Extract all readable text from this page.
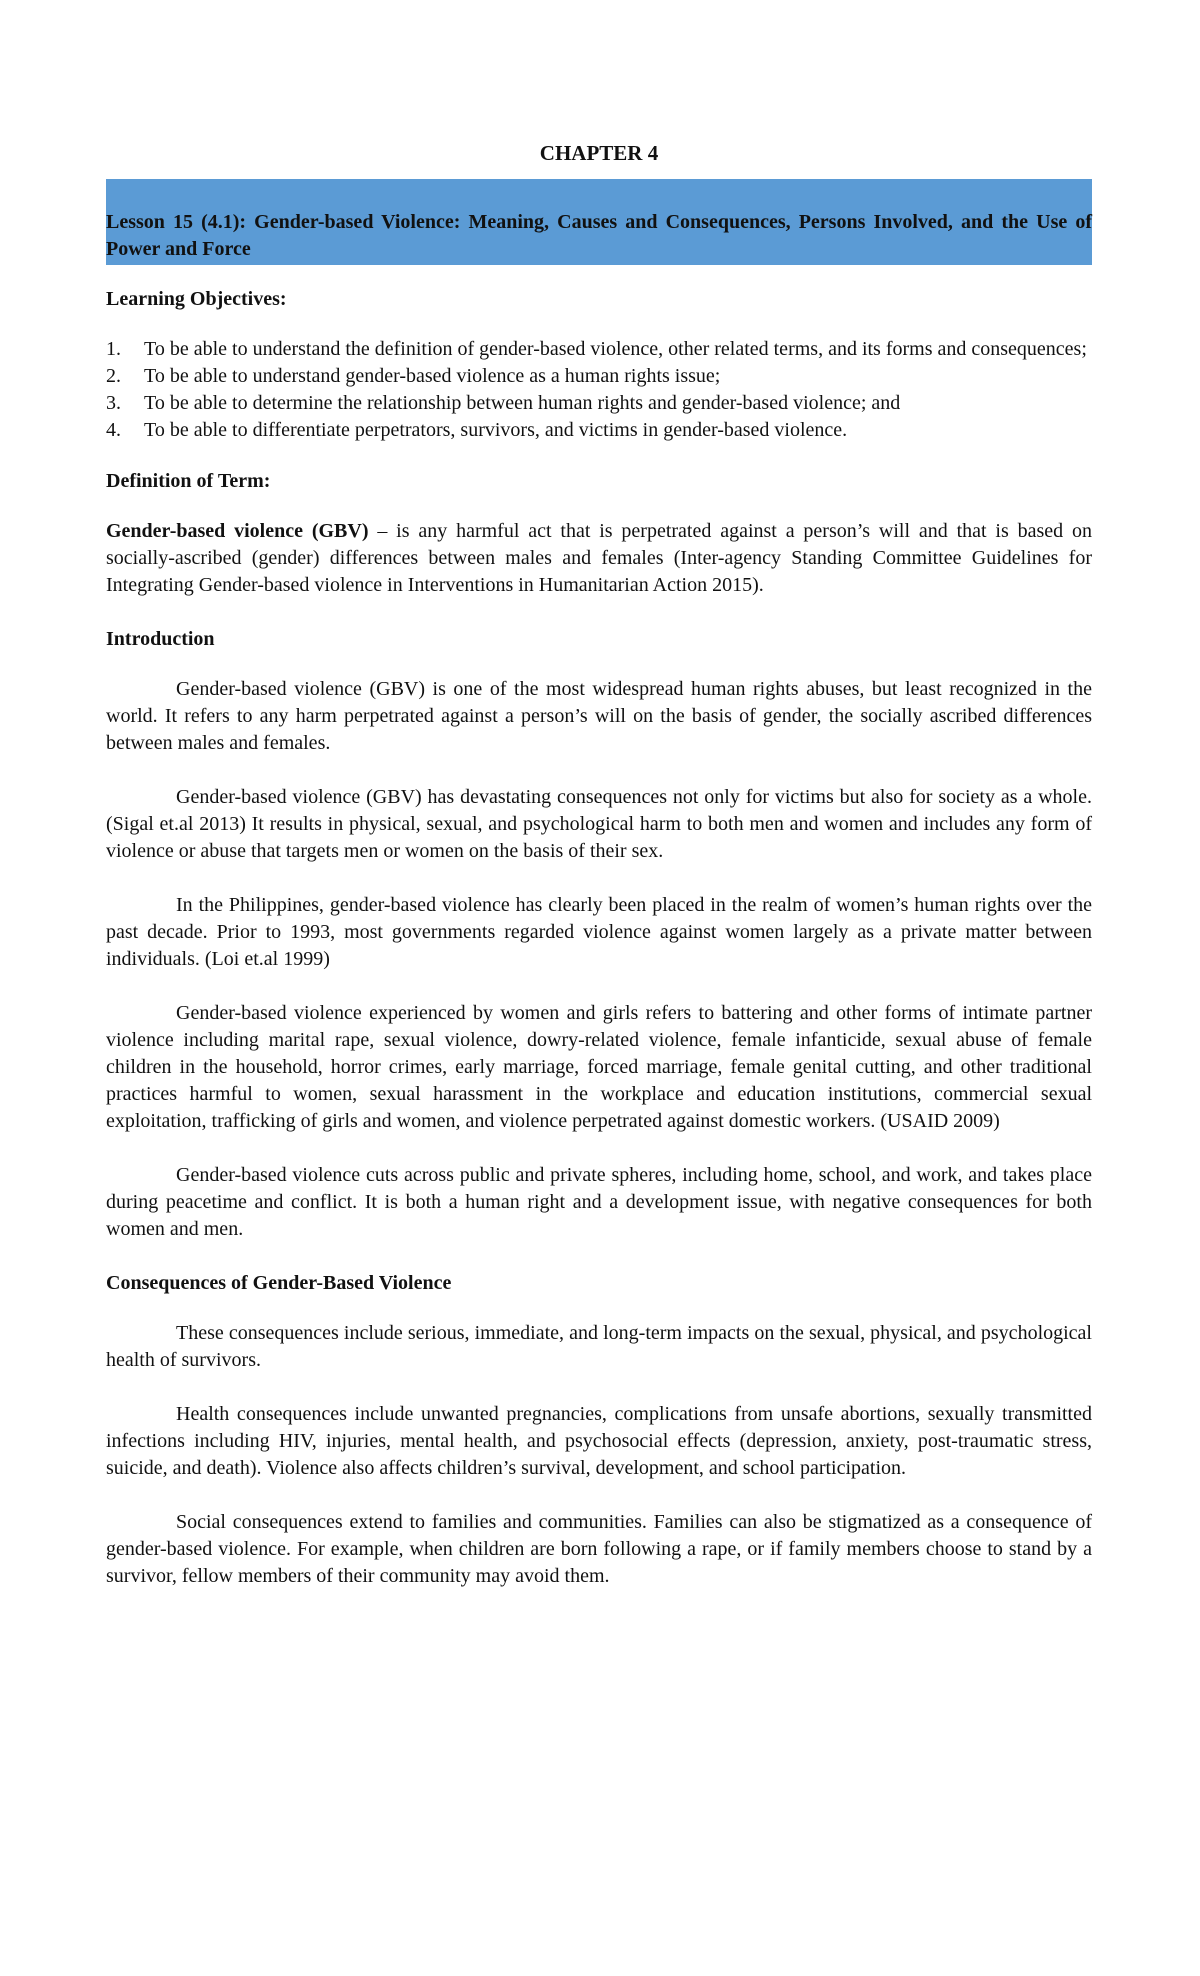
CHAPTER 4
Lesson 15 (4.1): Gender-based Violence: Meaning, Causes and Consequences, Persons Involved, and the Use of Power and Force
Learning Objectives:
1.	To be able to understand the definition of gender-based violence, other related terms, and its forms and consequences;
2.	To be able to understand gender-based violence as a human rights issue;
3.	To be able to determine the relationship between human rights and gender-based violence; and
4.	To be able to differentiate perpetrators, survivors, and victims in gender-based violence.
Definition of Term:

Gender-based violence (GBV) – is any harmful act that is perpetrated against a person’s will and that is based on socially-ascribed (gender) differences between males and females (Inter-agency Standing Committee Guidelines for Integrating Gender-based violence in Interventions in Humanitarian Action 2015).

Introduction

Gender-based violence (GBV) is one of the most widespread human rights abuses, but least recognized in the world. It refers to any harm perpetrated against a person’s will on the basis of gender, the socially ascribed differences between males and females.

Gender-based violence (GBV) has devastating consequences not only for victims but also for society as a whole. (Sigal et.al 2013) It results in physical, sexual, and psychological harm to both men and women and includes any form of violence or abuse that targets men or women on the basis of their sex.

In the Philippines, gender-based violence has clearly been placed in the realm of women’s human rights over the past decade. Prior to 1993, most governments regarded violence against women largely as a private matter between individuals. (Loi et.al 1999)

Gender-based violence experienced by women and girls refers to battering and other forms of intimate partner violence including marital rape, sexual violence, dowry-related violence, female infanticide, sexual abuse of female children in the household, horror crimes, early marriage, forced marriage, female genital cutting, and other traditional practices harmful to women, sexual harassment in the workplace and education institutions, commercial sexual exploitation, trafficking of girls and women, and violence perpetrated against domestic workers. (USAID 2009)

Gender-based violence cuts across public and private spheres, including home, school, and work, and takes place during peacetime and conflict. It is both a human right and a development issue, with negative consequences for both women and men.

Consequences of Gender-Based Violence

These consequences include serious, immediate, and long-term impacts on the sexual, physical, and psychological health of survivors.

Health consequences include unwanted pregnancies, complications from unsafe abortions, sexually transmitted infections including HIV, injuries, mental health, and psychosocial effects (depression, anxiety, post-traumatic stress, suicide, and death). Violence also affects children’s survival, development, and school participation.

Social consequences extend to families and communities. Families can also be stigmatized as a consequence of gender-based violence. For example, when children are born following a rape, or if family members choose to stand by a survivor, fellow members of their community may avoid them.
